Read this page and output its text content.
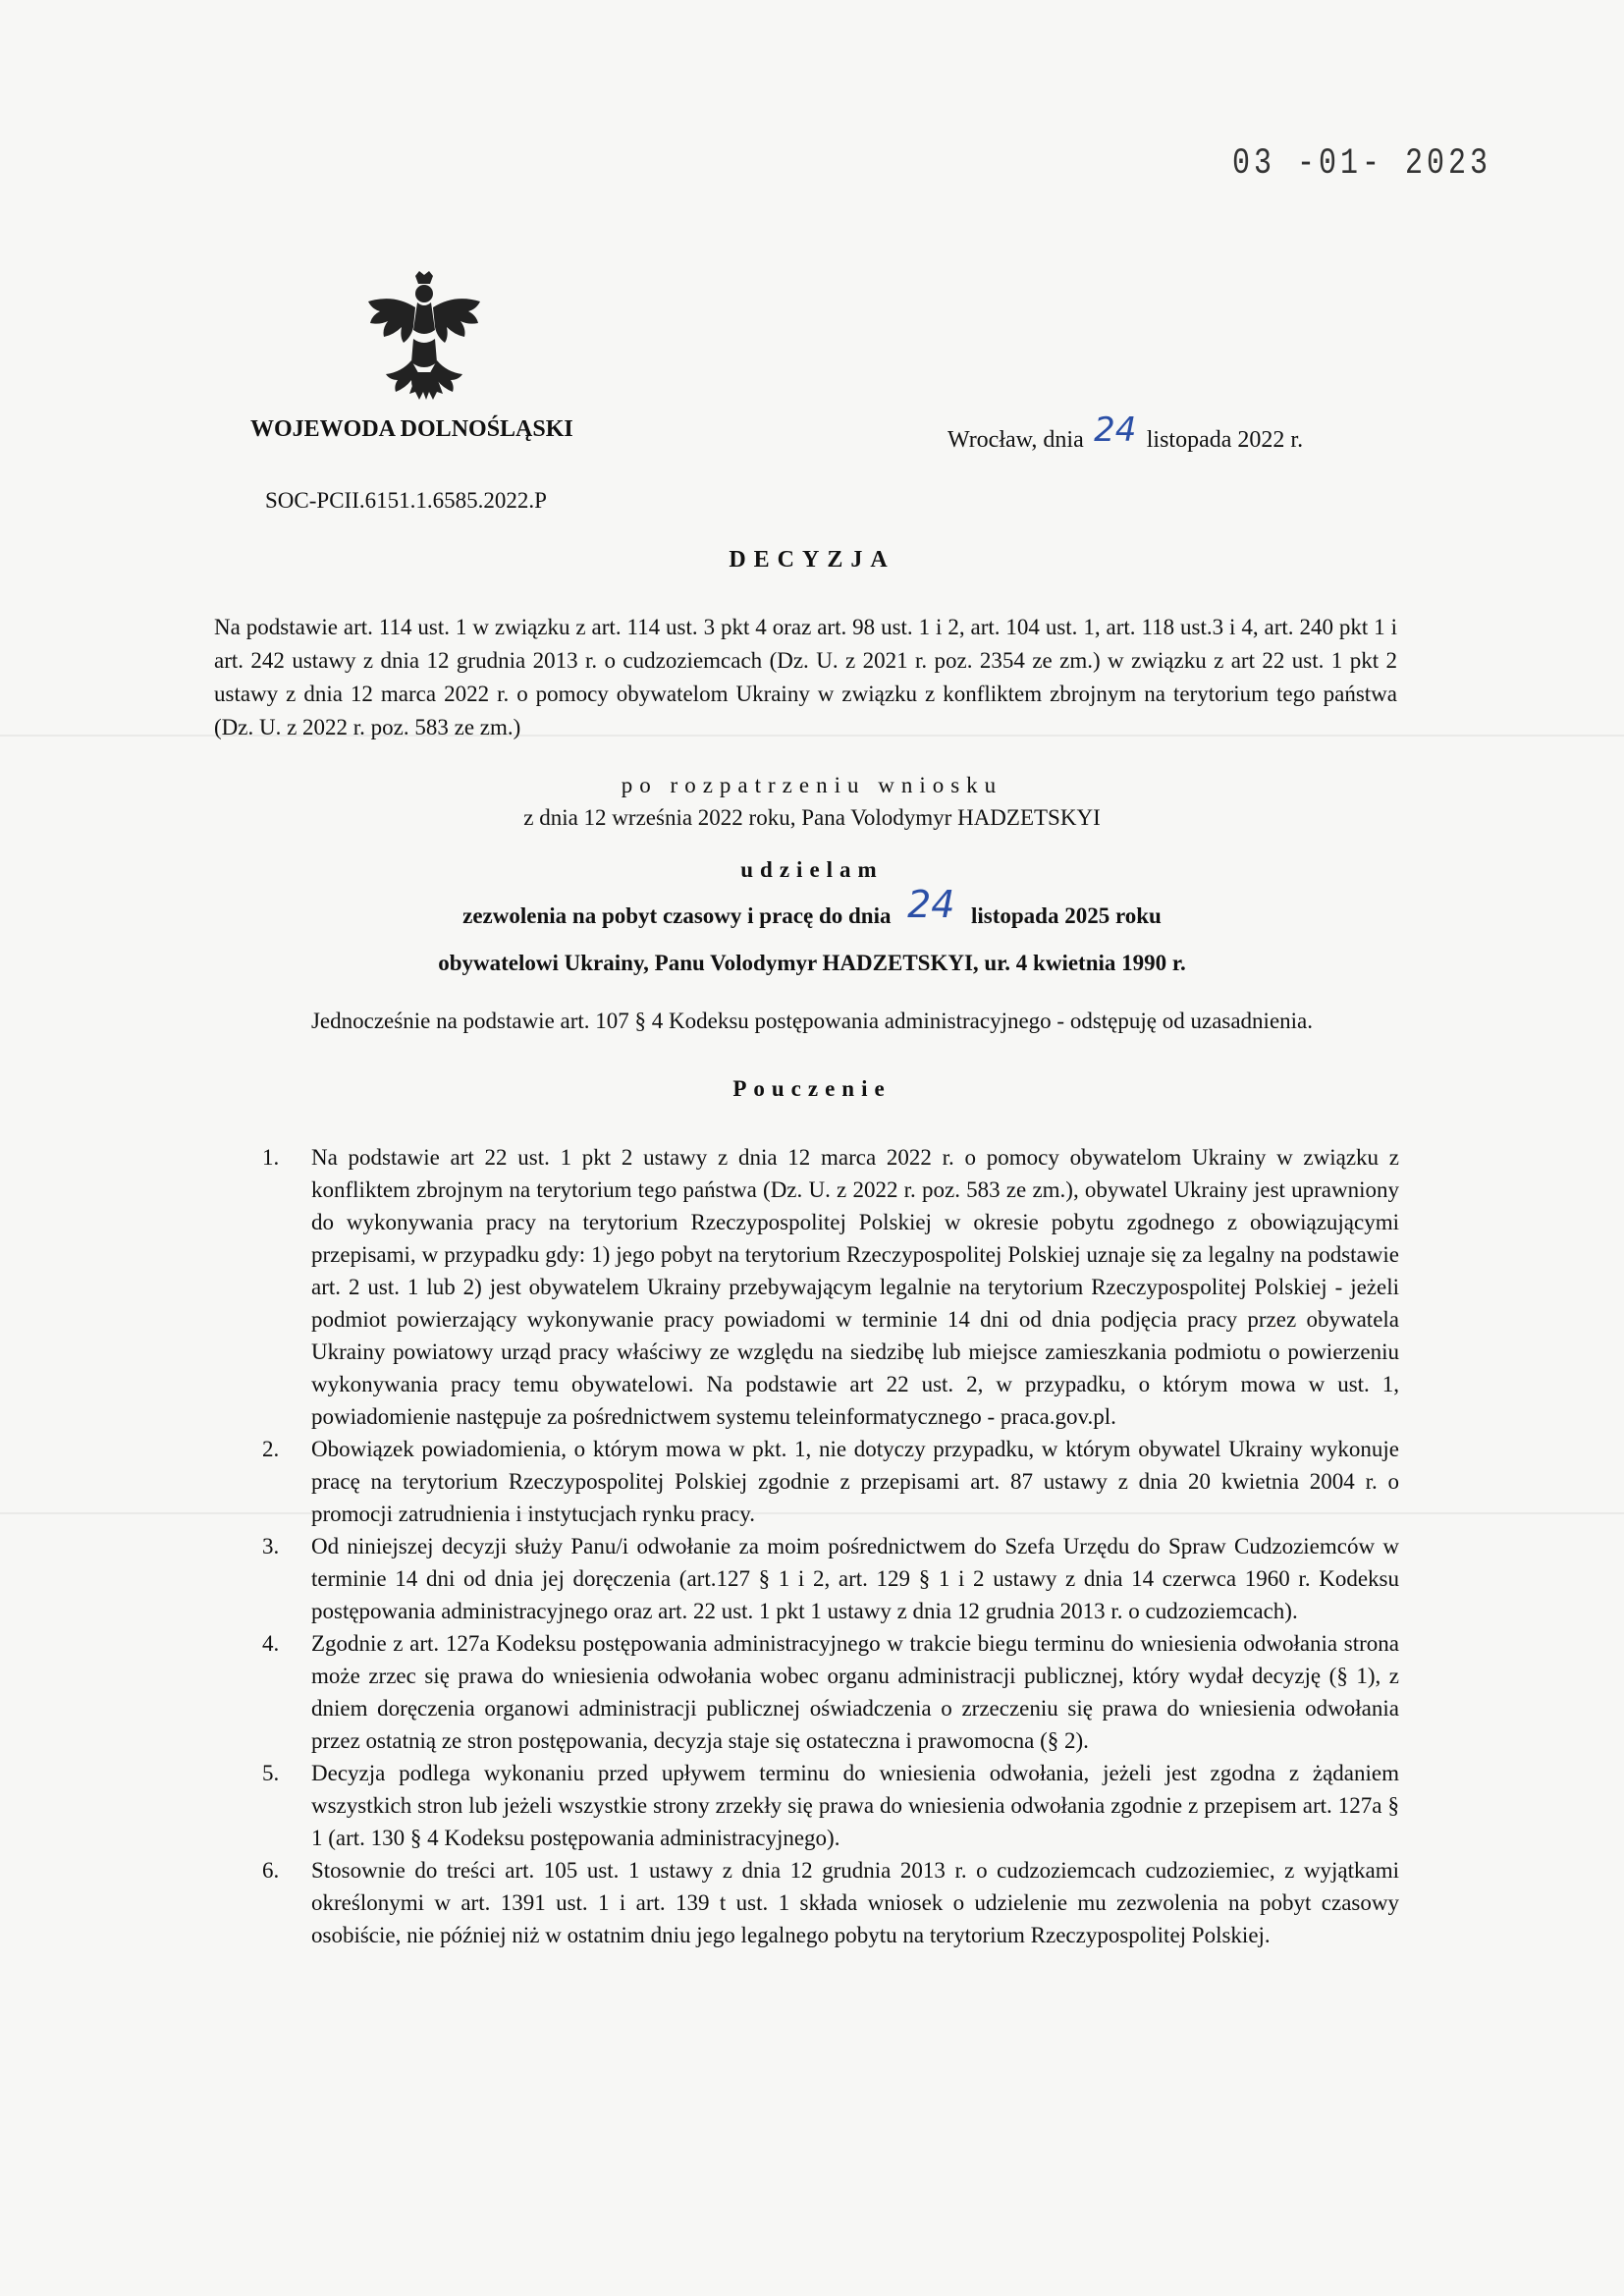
03 -01- 2023
WOJEWODA DOLNOŚLĄSKI	Wrocław, dnia 24 listopada 2022 r.
SOC-PCII.6151.1.6585.2022.P
DECYZJA
Na podstawie art. 114 ust. 1 w związku z art. 114 ust. 3 pkt 4 oraz art. 98 ust. 1 i 2, art. 104 ust. 1, art. 118 ust.3 i 4, art. 240 pkt 1 i art. 242 ustawy z dnia 12 grudnia 2013 r. o cudzoziemcach (Dz. U. z 2021 r. poz. 2354 ze zm.) w związku z art 22 ust. 1 pkt 2 ustawy z dnia 12 marca 2022 r. o pomocy obywatelom Ukrainy w związku z konfliktem zbrojnym na terytorium tego państwa (Dz. U. z 2022 r. poz. 583 ze zm.)
po rozpatrzeniu wniosku
z dnia 12 września 2022 roku, Pana Volodymyr HADZETSKYI
udzielam
zezwolenia na pobyt czasowy i pracę do dnia 24 listopada 2025 roku
obywatelowi Ukrainy, Panu Volodymyr HADZETSKYI, ur. 4 kwietnia 1990 r.
Jednocześnie na podstawie art. 107 § 4 Kodeksu postępowania administracyjnego - odstępuję od uzasadnienia.
Pouczenie
1. Na podstawie art 22 ust. 1 pkt 2 ustawy z dnia 12 marca 2022 r. o pomocy obywatelom Ukrainy w związku z konfliktem zbrojnym na terytorium tego państwa (Dz. U. z 2022 r. poz. 583 ze zm.), obywatel Ukrainy jest uprawniony do wykonywania pracy na terytorium Rzeczypospolitej Polskiej w okresie pobytu zgodnego z obowiązującymi przepisami, w przypadku gdy: 1) jego pobyt na terytorium Rzeczypospolitej Polskiej uznaje się za legalny na podstawie art. 2 ust. 1 lub 2) jest obywatelem Ukrainy przebywającym legalnie na terytorium Rzeczypospolitej Polskiej - jeżeli podmiot powierzający wykonywanie pracy powiadomi w terminie 14 dni od dnia podjęcia pracy przez obywatela Ukrainy powiatowy urząd pracy właściwy ze względu na siedzibę lub miejsce zamieszkania podmiotu o powierzeniu wykonywania pracy temu obywatelowi. Na podstawie art 22 ust. 2, w przypadku, o którym mowa w ust. 1, powiadomienie następuje za pośrednictwem systemu teleinformatycznego - praca.gov.pl.
2. Obowiązek powiadomienia, o którym mowa w pkt. 1, nie dotyczy przypadku, w którym obywatel Ukrainy wykonuje pracę na terytorium Rzeczypospolitej Polskiej zgodnie z przepisami art. 87 ustawy z dnia 20 kwietnia 2004 r. o promocji zatrudnienia i instytucjach rynku pracy.
3. Od niniejszej decyzji służy Panu/i odwołanie za moim pośrednictwem do Szefa Urzędu do Spraw Cudzoziemców w terminie 14 dni od dnia jej doręczenia (art.127 § 1 i 2, art. 129 § 1 i 2 ustawy z dnia 14 czerwca 1960 r. Kodeksu postępowania administracyjnego oraz art. 22 ust. 1 pkt 1 ustawy z dnia 12 grudnia 2013 r. o cudzoziemcach).
4. Zgodnie z art. 127a Kodeksu postępowania administracyjnego w trakcie biegu terminu do wniesienia odwołania strona może zrzec się prawa do wniesienia odwołania wobec organu administracji publicznej, który wydał decyzję (§ 1), z dniem doręczenia organowi administracji publicznej oświadczenia o zrzeczeniu się prawa do wniesienia odwołania przez ostatnią ze stron postępowania, decyzja staje się ostateczna i prawomocna (§ 2).
5. Decyzja podlega wykonaniu przed upływem terminu do wniesienia odwołania, jeżeli jest zgodna z żądaniem wszystkich stron lub jeżeli wszystkie strony zrzekły się prawa do wniesienia odwołania zgodnie z przepisem art. 127a § 1 (art. 130 § 4 Kodeksu postępowania administracyjnego).
6. Stosownie do treści art. 105 ust. 1 ustawy z dnia 12 grudnia 2013 r. o cudzoziemcach cudzoziemiec, z wyjątkami określonymi w art. 1391 ust. 1 i art. 139 t ust. 1 składa wniosek o udzielenie mu zezwolenia na pobyt czasowy osobiście, nie później niż w ostatnim dniu jego legalnego pobytu na terytorium Rzeczypospolitej Polskiej.
